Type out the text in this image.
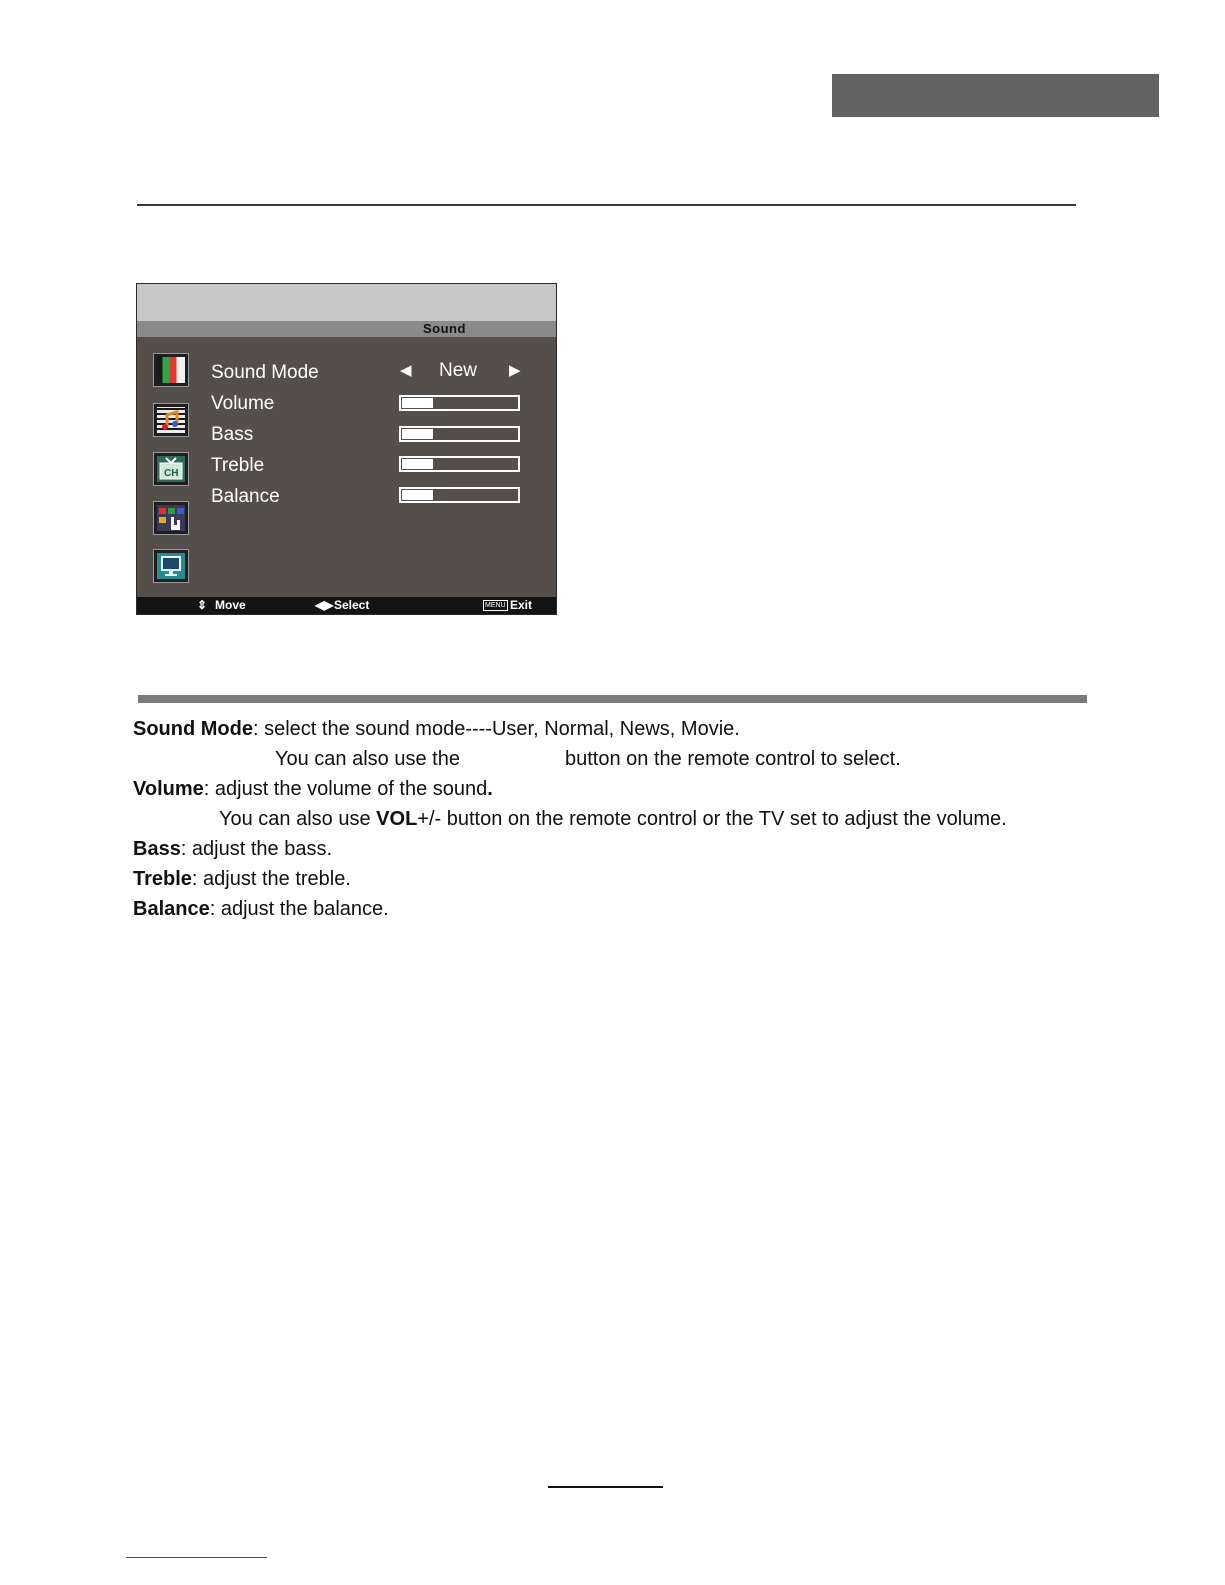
Sound
CH
Sound Mode	◀ New ▶
Volume
Bass
Treble
Balance
⇕ Move	◀▶ Select	MENU Exit
Sound Mode: select the sound mode----User, Normal, News, Movie.
You can also use the	button on the remote control to select.
Volume: adjust the volume of the sound.
You can also use VOL+/- button on the remote control or the TV set to adjust the volume.
Bass: adjust the bass.
Treble: adjust the treble.
Balance: adjust the balance.
